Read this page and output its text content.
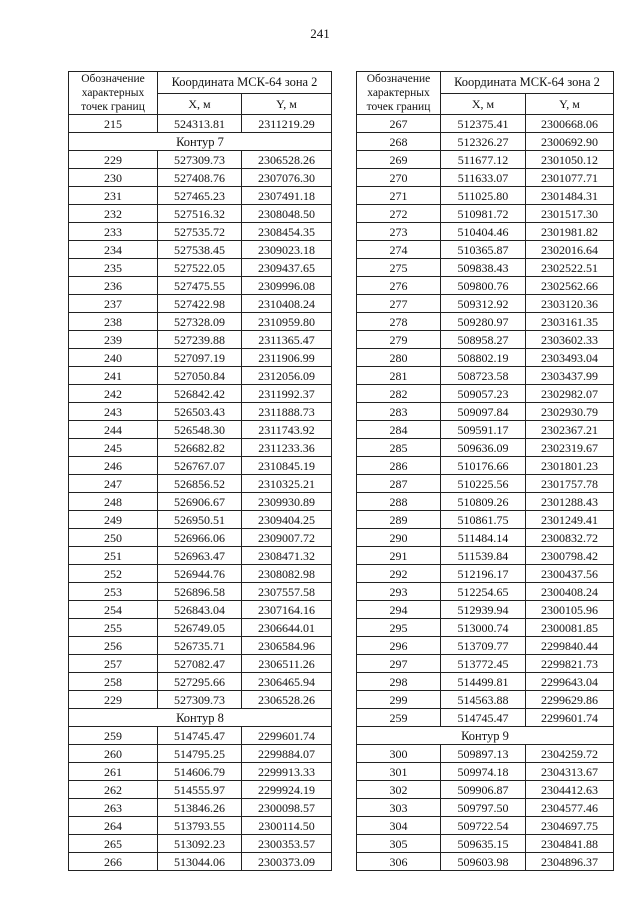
241
Обозначение характерных точек границ	Координата МСК-64 зона 2	
	X, м	Y, м
215	524313.81	2311219.29
Контур 7		
229	527309.73	2306528.26
230	527408.76	2307076.30
231	527465.23	2307491.18
232	527516.32	2308048.50
233	527535.72	2308454.35
234	527538.45	2309023.18
235	527522.05	2309437.65
236	527475.55	2309996.08
237	527422.98	2310408.24
238	527328.09	2310959.80
239	527239.88	2311365.47
240	527097.19	2311906.99
241	527050.84	2312056.09
242	526842.42	2311992.37
243	526503.43	2311888.73
244	526548.30	2311743.92
245	526682.82	2311233.36
246	526767.07	2310845.19
247	526856.52	2310325.21
248	526906.67	2309930.89
249	526950.51	2309404.25
250	526966.06	2309007.72
251	526963.47	2308471.32
252	526944.76	2308082.98
253	526896.58	2307557.58
254	526843.04	2307164.16
255	526749.05	2306644.01
256	526735.71	2306584.96
257	527082.47	2306511.26
258	527295.66	2306465.94
229	527309.73	2306528.26
Контур 8		
259	514745.47	2299601.74
260	514795.25	2299884.07
261	514606.79	2299913.33
262	514555.97	2299924.19
263	513846.26	2300098.57
264	513793.55	2300114.50
265	513092.23	2300353.57
266	513044.06	2300373.09
Обозначение характерных точек границ	Координата МСК-64 зона 2	
	X, м	Y, м
267	512375.41	2300668.06
268	512326.27	2300692.90
269	511677.12	2301050.12
270	511633.07	2301077.71
271	511025.80	2301484.31
272	510981.72	2301517.30
273	510404.46	2301981.82
274	510365.87	2302016.64
275	509838.43	2302522.51
276	509800.76	2302562.66
277	509312.92	2303120.36
278	509280.97	2303161.35
279	508958.27	2303602.33
280	508802.19	2303493.04
281	508723.58	2303437.99
282	509057.23	2302982.07
283	509097.84	2302930.79
284	509591.17	2302367.21
285	509636.09	2302319.67
286	510176.66	2301801.23
287	510225.56	2301757.78
288	510809.26	2301288.43
289	510861.75	2301249.41
290	511484.14	2300832.72
291	511539.84	2300798.42
292	512196.17	2300437.56
293	512254.65	2300408.24
294	512939.94	2300105.96
295	513000.74	2300081.85
296	513709.77	2299840.44
297	513772.45	2299821.73
298	514499.81	2299643.04
299	514563.88	2299629.86
259	514745.47	2299601.74
Контур 9		
300	509897.13	2304259.72
301	509974.18	2304313.67
302	509906.87	2304412.63
303	509797.50	2304577.46
304	509722.54	2304697.75
305	509635.15	2304841.88
306	509603.98	2304896.37
